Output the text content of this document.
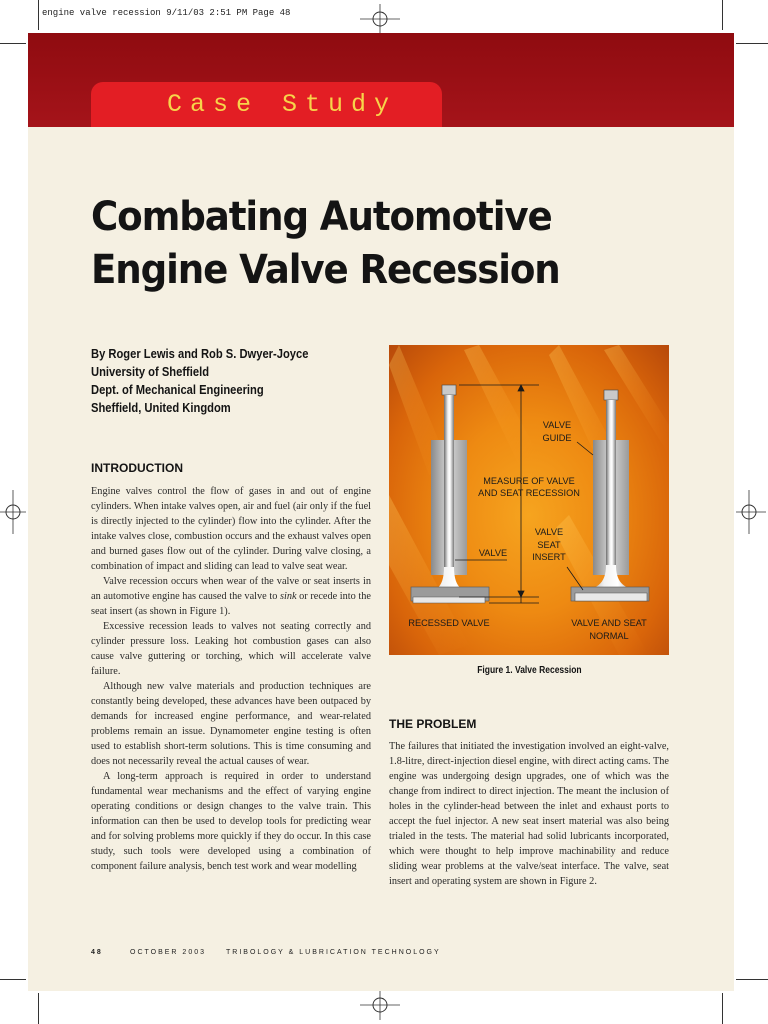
engine valve recession 9/11/03 2:51 PM Page 48
Case Study
Combating Automotive
Engine Valve Recession
By Roger Lewis and Rob S. Dwyer-Joyce
University of Sheffield
Dept. of Mechanical Engineering
Sheffield, United Kingdom
INTRODUCTION

Engine valves control the flow of gases in and out of engine cylinders. When intake valves open, air and fuel (air only if the fuel is directly injected to the cylinder) flow into the cylinder. After the intake valves close, combustion occurs and the exhaust valves open and burned gases flow out of the cylinder. During valve closing, a combination of impact and sliding can lead to valve seat wear.

Valve recession occurs when wear of the valve or seat inserts in an automotive engine has caused the valve to sink or recede into the seat insert (as shown in Figure 1).

Excessive recession leads to valves not seating correctly and cylinder pressure loss. Leaking hot combustion gases can also cause valve guttering or torching, which will accelerate valve failure.

Although new valve materials and production techniques are constantly being developed, these advances have been outpaced by demands for increased engine performance, and wear-related problems remain an issue. Dynamometer engine testing is often used to establish short-term solutions. This is time consuming and does not necessarily reveal the actual causes of wear.

A long-term approach is required in order to understand fundamental wear mechanisms and the effect of varying engine operating conditions or design changes to the valve train. This information can then be used to develop tools for predicting wear and for solving problems more quickly if they do occur. In this case study, such tools were developed using a combination of component failure analysis, bench test work and wear modelling

VALVE
GUIDE
MEASURE OF VALVE
AND SEAT RECESSION
VALVE
SEAT
INSERT
VALVE
RECESSED VALVE	VALVE AND SEAT
NORMAL
Figure 1. Valve Recession
THE PROBLEM

The failures that initiated the investigation involved an eight-valve, 1.8-litre, direct-injection diesel engine, with direct acting cams. The engine was undergoing design upgrades, one of which was the change from indirect to direct injection. The meant the inclusion of holes in the cylinder-head between the inlet and exhaust ports to accept the fuel injector. A new seat insert material was also being trialed in the tests. The material had solid lubricants incorporated, which were thought to help improve machinability and reduce sliding wear problems at the valve/seat interface. The valve, seat insert and operating system are shown in Figure 2.

48	OCTOBER 2003	TRIBOLOGY & LUBRICATION TECHNOLOGY
